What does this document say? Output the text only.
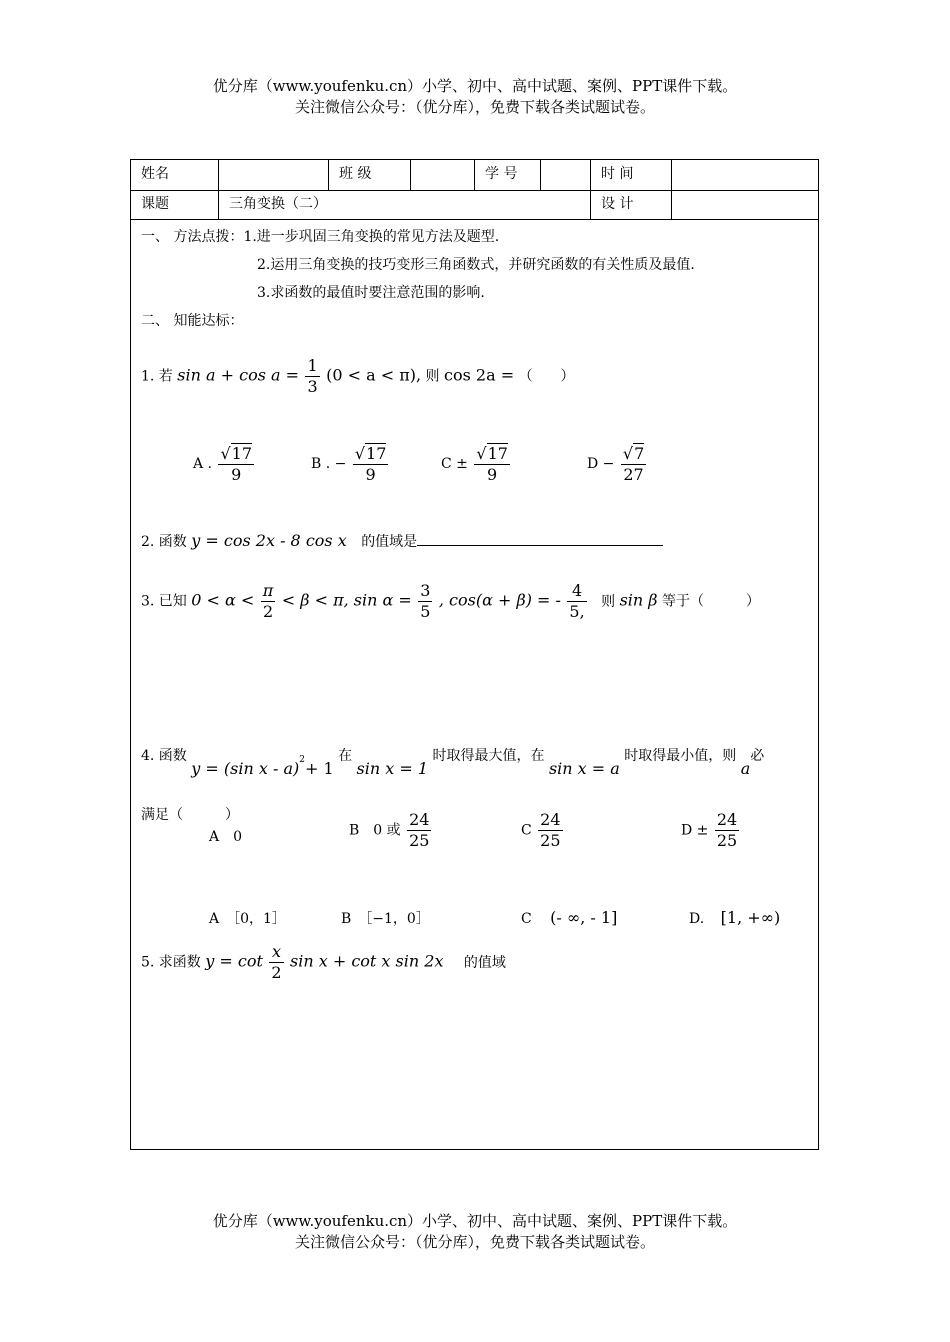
优分库（www.youfenku.cn）小学、初中、高中试题、案例、PPT课件下载。
关注微信公众号：（优分库），免费下载各类试题试卷。
姓名	班 级	学 号	时 间
课题	三角变换（二）	设 计
一、 方法点拨：1.进一步巩固三角变换的常见方法及题型.
2.运用三角变换的技巧变形三角函数式，并研究函数的有关性质及最值.
3.求函数的最值时要注意范围的影响.
二、 知能达标：
1. 若 $\sin a + \cos a = \frac{1}{3} (0 < a < \pi)$, 则 cos 2a = （　　）
A . $\frac{√17}{9}$	B . − $\frac{√17}{9}$	$C \pm \frac{√17}{9}$	$D - \frac{√7}{27}$
2. 函数 y = cos 2x - 8 cos x 的值域是
3. 已知 $0 < \alpha < \frac{\pi}{2} < \beta < \pi$, $\sin \alpha = \frac{3}{5}$ , cos(α + β) = - $\frac{4}{5,}$ 则 sin β 等于（　　　）
A　0	B　0 或 $\frac{24}{25}$	C $\frac{24}{25}$	$D \pm \frac{24}{25}$
4. 函数 y = (sin x - a)$^2$+ 1 在 sin x = 1 时取得最大值，在 sin x = a 时取得最小值，则 a必
满足（　　　）
A　［0，1］	B　［−1，0］	C (- ∞, - 1]	D. [1, +∞)
5. 求函数 $y = \cot \frac{x}{2}$ sin x + cot x sin 2x 的值域
优分库（www.youfenku.cn）小学、初中、高中试题、案例、PPT课件下载。
关注微信公众号：（优分库），免费下载各类试题试卷。
